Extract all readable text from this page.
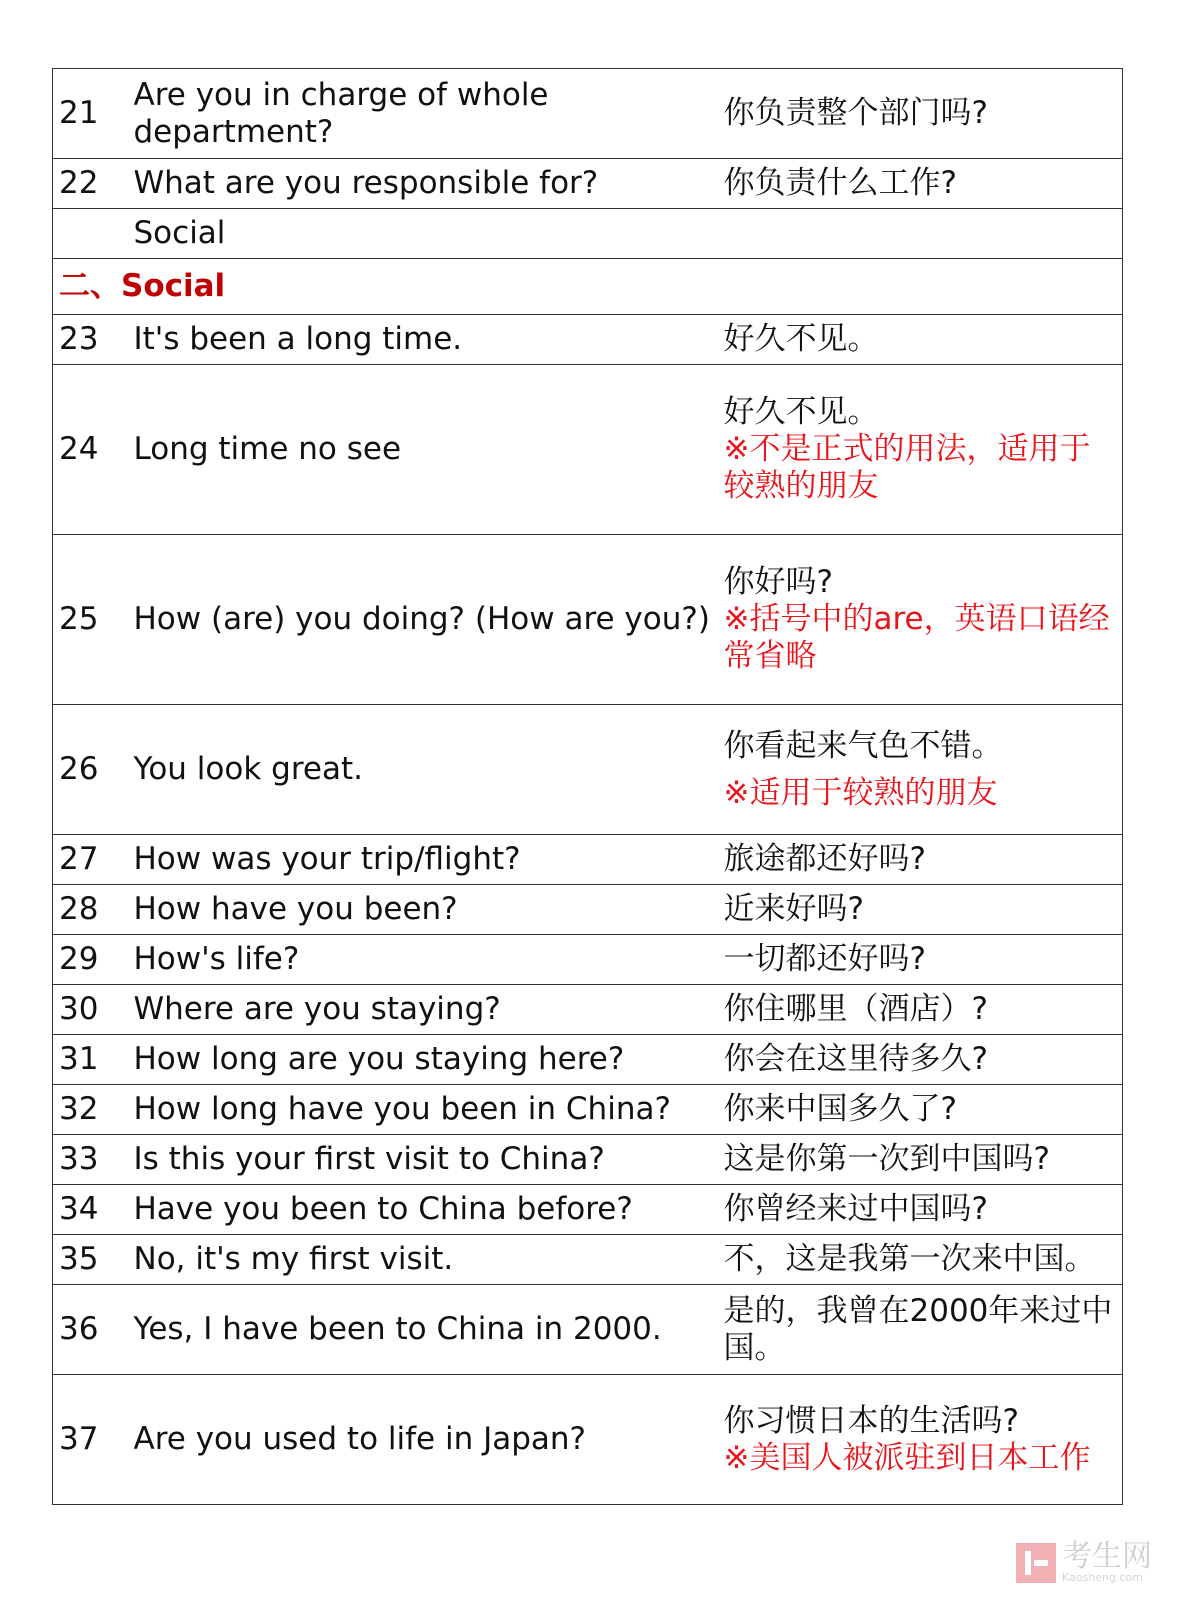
21	Are you in charge of whole department?	你负责整个部门吗?
22	What are you responsible for?	你负责什么工作?
	Social	
二、Social		
23	It's been a long time.	好久不见。
24	Long time no see	好久不见。
※不是正式的用法，适用于较熟的朋友

25	How (are) you doing? (How are you?)	你好吗?
※括号中的are，英语口语经常省略

26	You look great.	你看起来气色不错。
※适用于较熟的朋友

27	How was your trip/flight?	旅途都还好吗?
28	How have you been?	近来好吗?
29	How's life?	一切都还好吗?
30	Where are you staying?	你住哪里（酒店）?
31	How long are you staying here?	你会在这里待多久?
32	How long have you been in China?	你来中国多久了?
33	Is this your first visit to China?	这是你第一次到中国吗?
34	Have you been to China before?	你曾经来过中国吗?
35	No, it's my first visit.	不，这是我第一次来中国。
36	Yes, I have been to China in 2000.	是的，我曾在2000年来过中国。
37	Are you used to life in Japan?	你习惯日本的生活吗?
※美国人被派驻到日本工作
考生网
Kaosheng.com
